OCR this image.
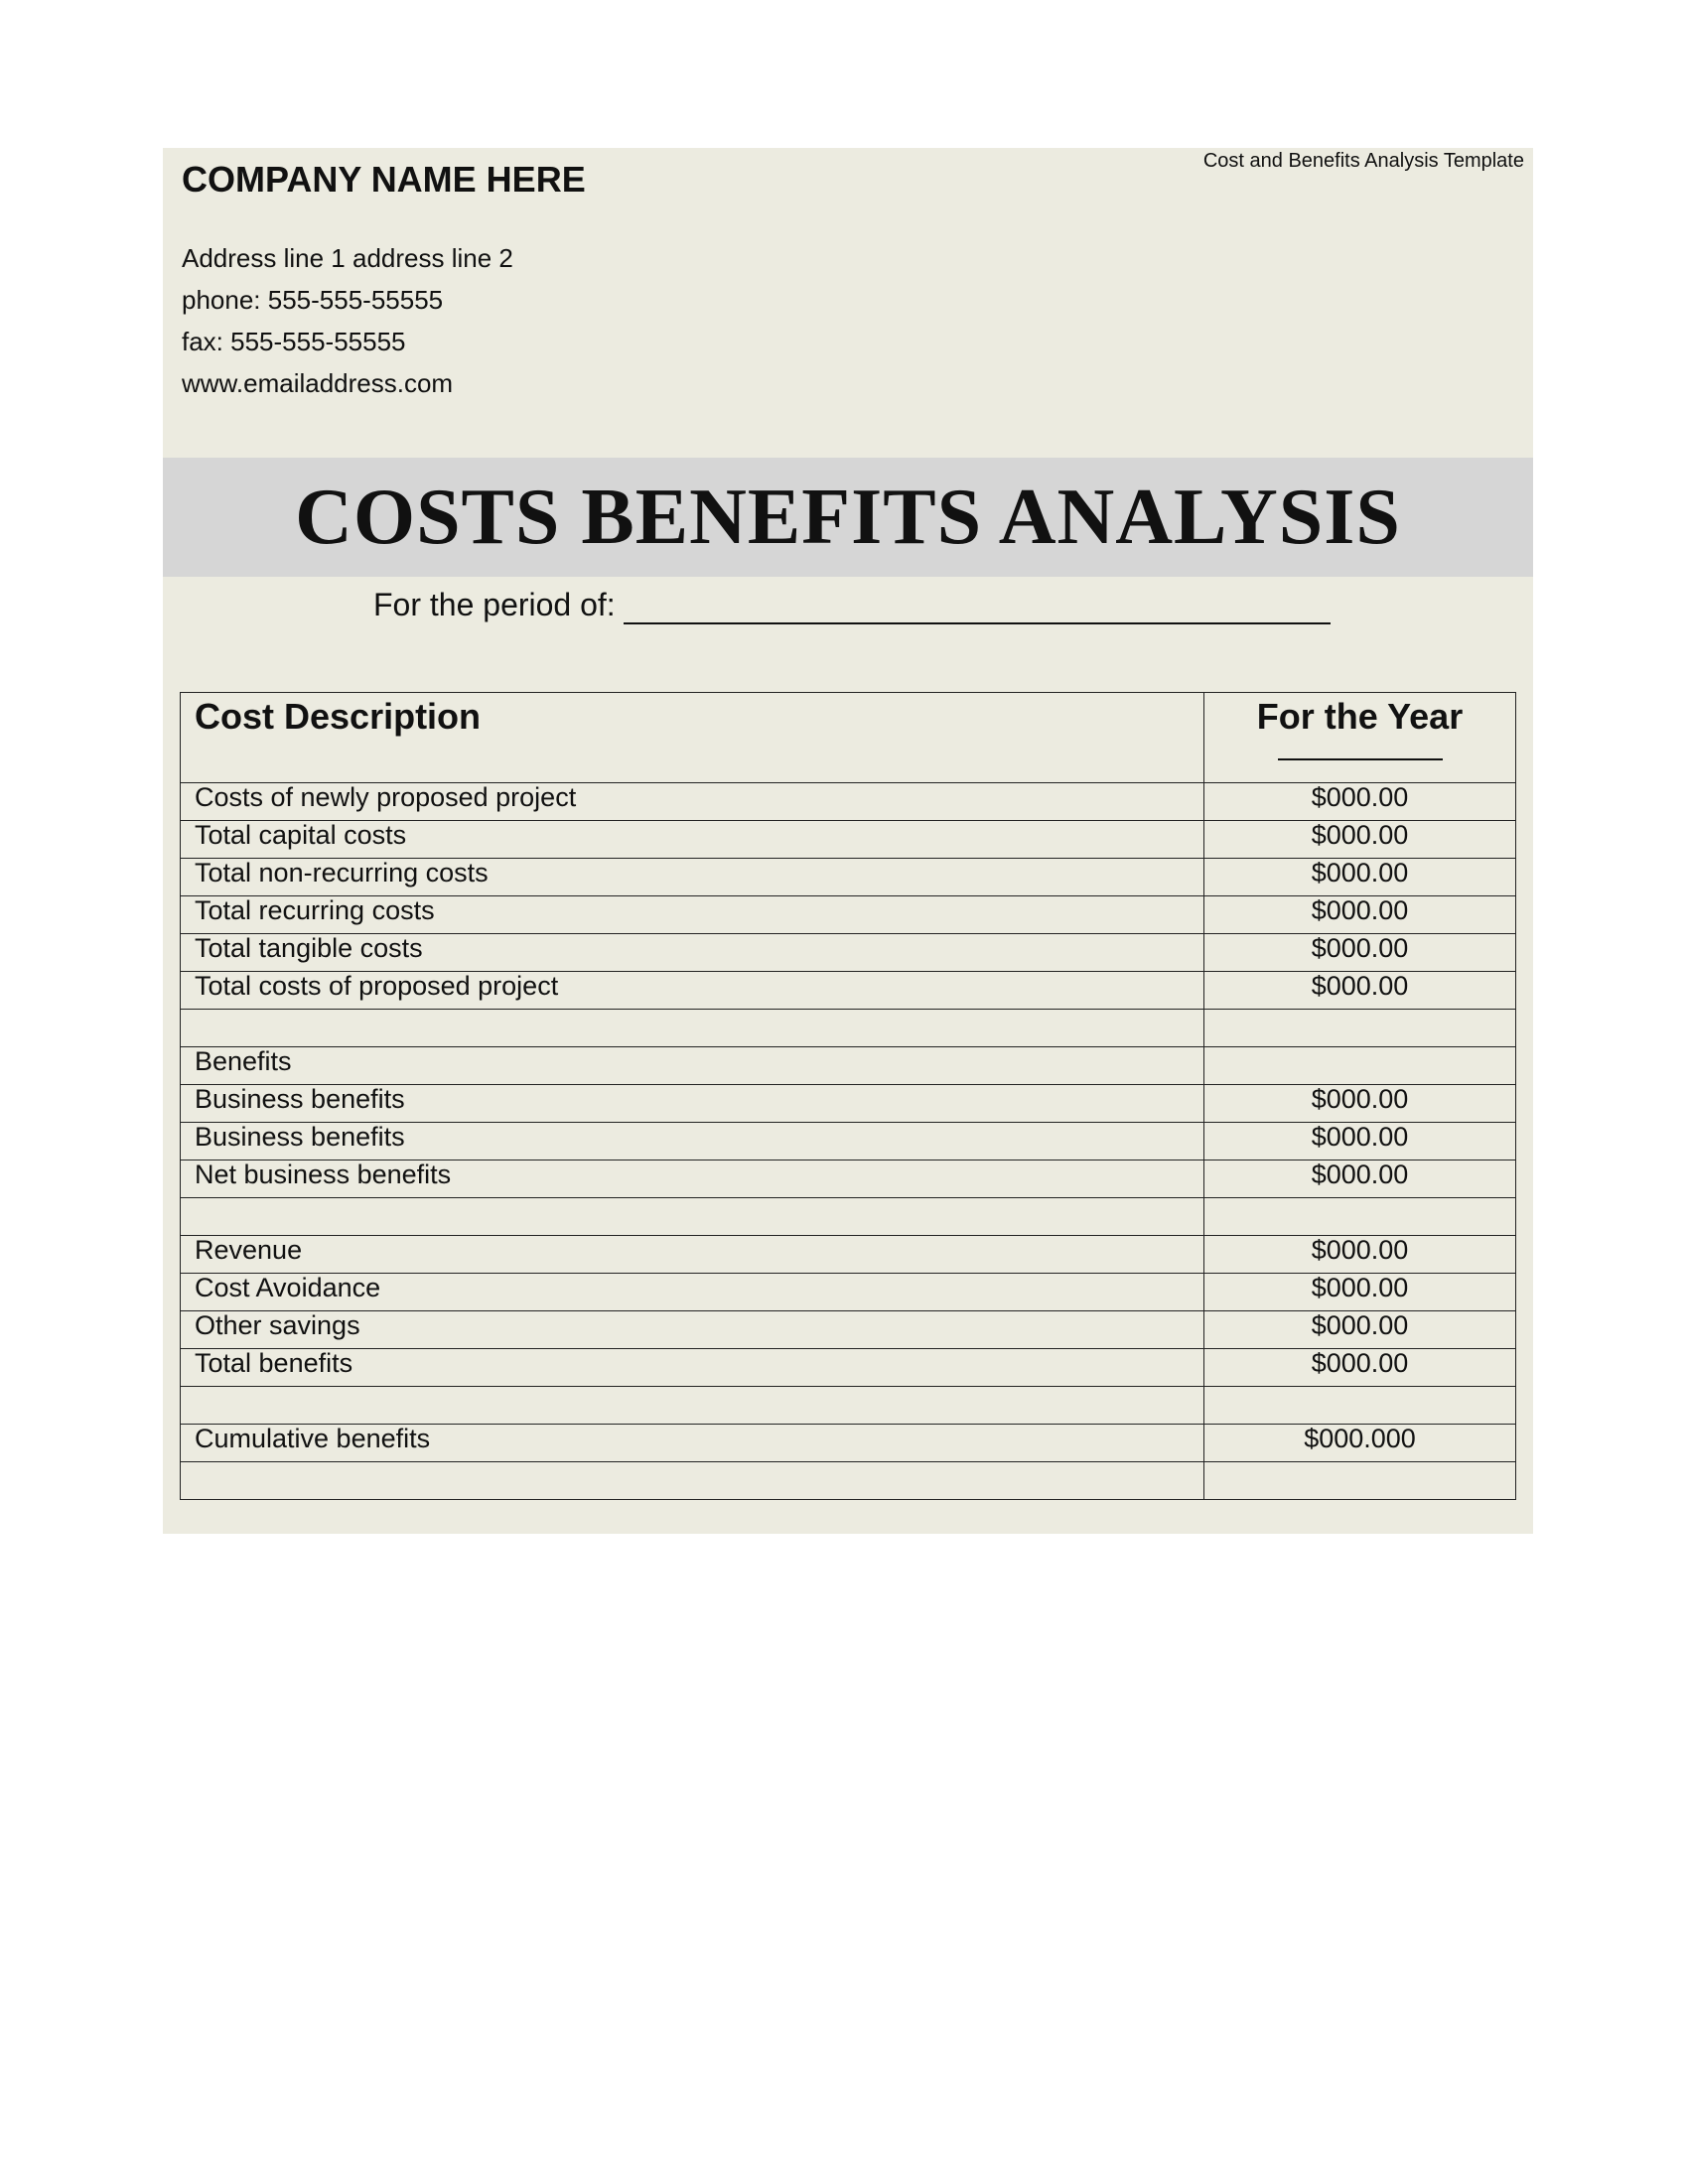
Cost and Benefits Analysis Template
COMPANY NAME HERE
Address line 1 address line 2
phone: 555-555-55555
fax: 555-555-55555
www.emailaddress.com
COSTS BENEFITS ANALYSIS
For the period of:
Cost Description	For the Year

Costs of newly proposed project	$000.00
Total capital costs	$000.00
Total non-recurring costs	$000.00
Total recurring costs	$000.00
Total tangible costs	$000.00
Total costs of proposed project	$000.00

Benefits	
Business benefits	$000.00
Business benefits	$000.00
Net business benefits	$000.00

Revenue	$000.00
Cost Avoidance	$000.00
Other savings	$000.00
Total benefits	$000.00

Cumulative benefits	$000.000
